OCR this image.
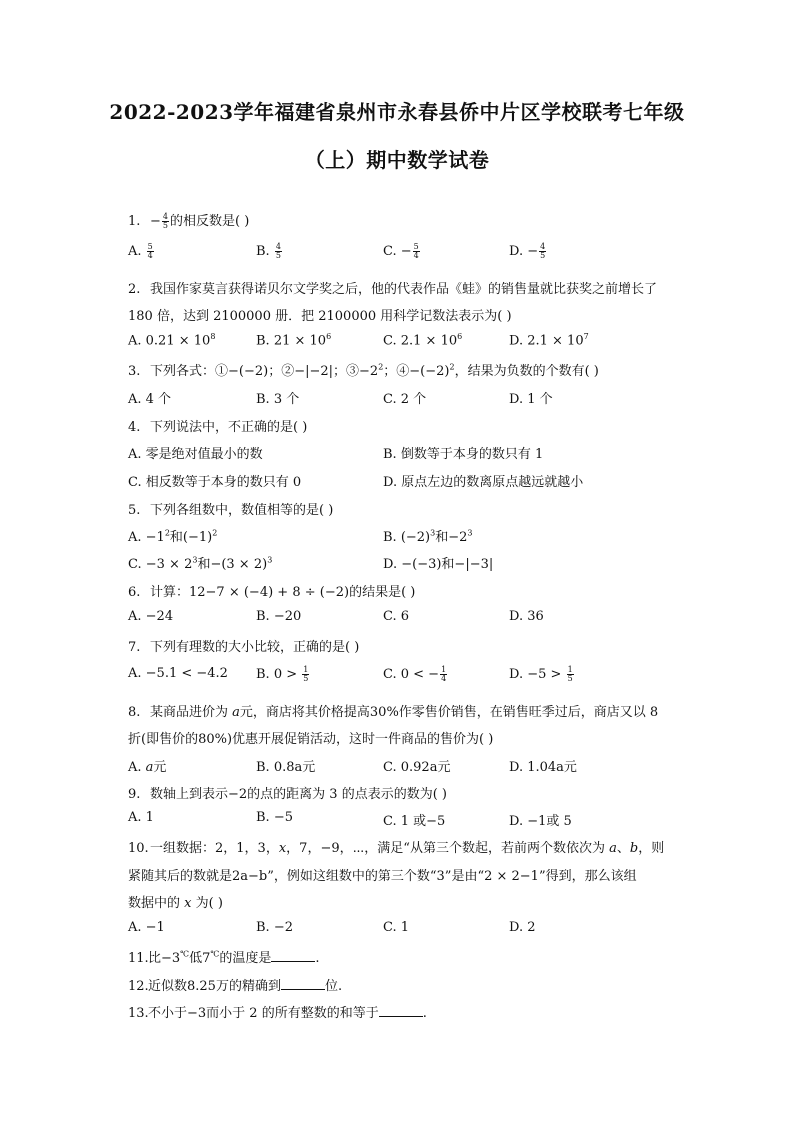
2022-2023学年福建省泉州市永春县侨中片区学校联考七年级
（上）期中数学试卷
1. − $\frac{4}{5}$ 的相反数是( )
A. $\frac{5}{4}$	B. $\frac{4}{5}$	C. − $\frac{5}{4}$	D. − $\frac{4}{5}$
2. 我国作家莫言获得诺贝尔文学奖之后，他的代表作品《蛙》的销售量就比获奖之前增长了
180 倍，达到 2100000 册．把 2100000 用科学记数法表示为( )
A. $0.21 \times 10^8$	B. $21 \times 10^6$	C. $2.1 \times 10^6$	D. $2.1 \times 10^7$
3. 下列各式：①−(−2)；②−|−2|；$③-2^2$；$④-(-2)^2$，结果为负数的个数有( )
A. 4 个	B. 3 个	C. 2 个	D. 1 个
4. 下列说法中，不正确的是( )
A. 零是绝对值最小的数	B. 倒数等于本身的数只有 1
C. 相反数等于本身的数只有 0	D. 原点左边的数离原点越远就越小
5. 下列各组数中，数值相等的是( )
A. $-1^2$和$(-1)^2$	B. $(-2)^3$和$-2^3$
C. $-3 \times 2^3$和$-(3 \times 2)^3$	D. −(−3)和−|−3|
6. 计算：12−7 × (−4) + 8 ÷ (−2)的结果是( )
A. −24	B. −20	C. 6	D. 36
7. 下列有理数的大小比较，正确的是( )
A. −5.1 < −4.2 B. $0 > \frac{1}{5}$	C. 0 < − $\frac{1}{4}$	D. $-5 > \frac{1}{5}$
8. 某商品进价为 a元，商店将其价格提高30%作零售价销售，在销售旺季过后，商店又以 8
折(即售价的80%)优惠开展促销活动，这时一件商品的售价为( )
A. a元	B. 0.8a元	C. 0.92a元	D. 1.04a元
9. 数轴上到表示−2的点的距离为 3 的点表示的数为( )
A. 1	B. −5	C. 1 或−5	D. −1或 5
10.一组数据：2，1，3，x，7，−9，⋯，满足“从第三个数起，若前两个数依次为 a、b，则
紧随其后的数就是2a−b”，例如这组数中的第三个数“3”是由“2 × 2−1”得到，那么该组
数据中的 x 为( )
A. −1	B. −2	C. 1	D. 2
11.比−3℃低7℃的温度是	.
12.近似数8.25万的精确到	位.
13.不小于−3而小于 2 的所有整数的和等于	.
